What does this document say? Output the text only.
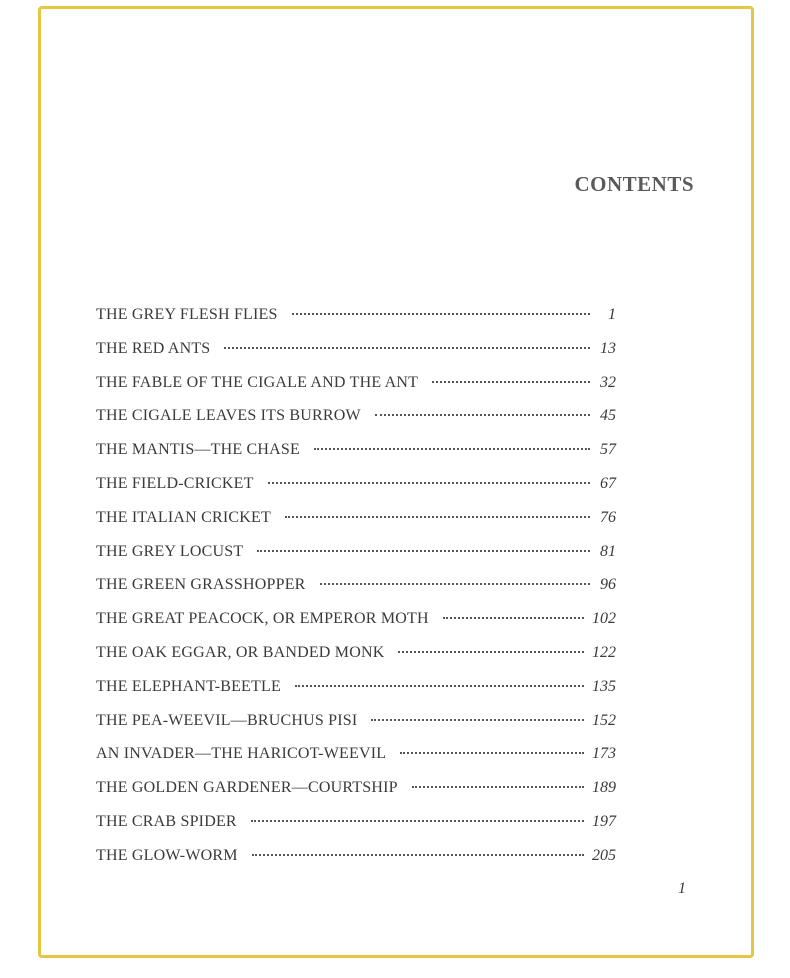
CONTENTS
THE GREY FLESH FLIES	1
THE RED ANTS	13
THE FABLE OF THE CIGALE AND THE ANT	32
THE CIGALE LEAVES ITS BURROW	45
THE MANTIS—THE CHASE	57
THE FIELD-CRICKET	67
THE ITALIAN CRICKET	76
THE GREY LOCUST	81
THE GREEN GRASSHOPPER	96
THE GREAT PEACOCK, OR EMPEROR MOTH	102
THE OAK EGGAR, OR BANDED MONK	122
THE ELEPHANT-BEETLE	135
THE PEA-WEEVIL—BRUCHUS PISI	152
AN INVADER—THE HARICOT-WEEVIL	173
THE GOLDEN GARDENER—COURTSHIP	189
THE CRAB SPIDER	197
THE GLOW-WORM	205
1
